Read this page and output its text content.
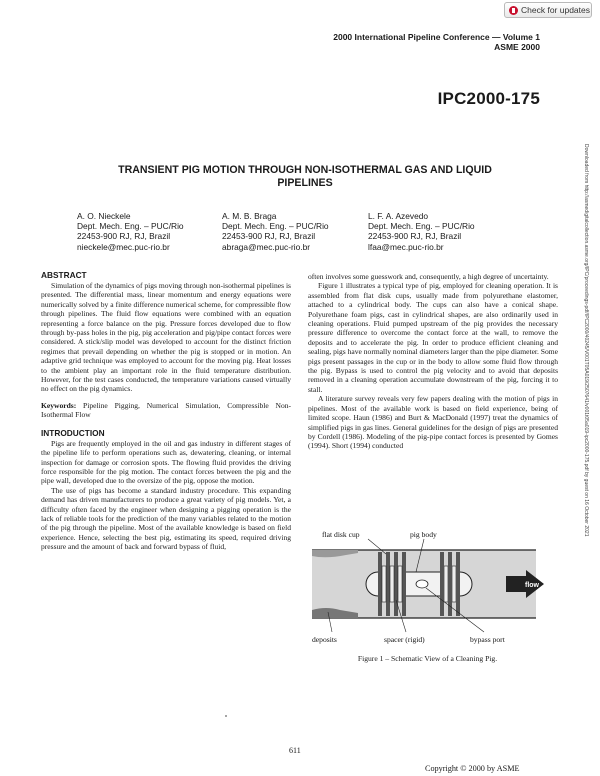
Check for updates
2000 International Pipeline Conference — Volume 1
ASME 2000
IPC2000-175
TRANSIENT PIG MOTION THROUGH NON-ISOTHERMAL GAS AND LIQUID
PIPELINES
A. O. Nieckele
Dept. Mech. Eng. – PUC/Rio
22453-900 RJ, RJ, Brazil
nieckele@mec.puc-rio.br
A. M. B. Braga
Dept. Mech. Eng. – PUC/Rio
22453-900 RJ, RJ, Brazil
abraga@mec.puc-rio.br
L. F. A. Azevedo
Dept. Mech. Eng. – PUC/Rio
22453-900 RJ, RJ, Brazil
lfaa@mec.puc-rio.br
ABSTRACT

Simulation of the dynamics of pigs moving through non-isothermal pipelines is presented. The differential mass, linear momentum and energy equations were numerically solved by a finite difference numerical scheme, for compressible flow through pipelines. The fluid flow equations were combined with an equation representing a force balance on the pig. Pressure forces developed due to flow through by-pass holes in the pig, pig acceleration and pig/pipe contact forces were considered. A stick/slip model was developed to account for the distinct friction regimes that prevail depending on whether the pig is stopped or in motion. An adaptive grid technique was employed to account for the moving pig. Heat losses to the ambient play an important role in the fluid temperature distribution. However, for the test cases conducted, the temperature variations caused virtually no effect on the pig dynamics.

Keywords: Pipeline Pigging, Numerical Simulation, Compressible Non-Isothermal Flow

INTRODUCTION

Pigs are frequently employed in the oil and gas industry in different stages of the pipeline life to perform operations such as, dewatering, cleaning, or internal inspection for damage or corrosion spots. The flowing fluid provides the driving force responsible for the pig motion. The contact forces between the pig and the pipe wall, developed due to the oversize of the pig, oppose the motion.

The use of pigs has become a standard industry procedure. This expanding demand has driven manufacturers to produce a great variety of pig models. Yet, a difficulty often faced by the engineer when designing a pigging operation is the lack of reliable tools for the prediction of the many variables related to the motion of the pig through the pipeline. Most of the available knowledge is based on field experience. Hence, selecting the best pig, estimating its speed, required driving pressure and the amount of back and forward bypass of fluid,

often involves some guesswork and, consequently, a high degree of uncertainty.

Figure 1 illustrates a typical type of pig, employed for cleaning operation. It is assembled from flat disk cups, usually made from polyurethane elastomer, attached to a cylindrical body. The cups can also have a conical shape. Polyurethane foam pigs, cast in cylindrical shapes, are also ordinarily used in cleaning operations. Fluid pumped upstream of the pig provides the necessary pressure difference to overcome the contact force at the wall, to remove the deposits and to accelerate the pig. In order to produce efficient cleaning and sealing, pigs have normally nominal diameters larger than the pipe diameter. Some pigs present passages in the cup or in the body to allow some fluid flow through the pig. Bypass is used to control the pig velocity and to avoid that deposits removed in a cleaning operation accumulate downstream of the pig, forcing it to stall.

A literature survey reveals very few papers dealing with the motion of pigs in pipelines. Most of the available work is based on field experience, being of limited scope. Haun (1986) and Burt & MacDonald (1997) treat the dynamics of simplified pigs in gas lines. General guidelines for the design of pigs are presented by Cordell (1986). Modeling of the pig-pipe contact forces is presented by Gomes (1994). Short (1994) conducted

flow
flat disk cup	pig body
deposits	spacer (rigid)	bypass port
Figure 1 – Schematic View of a Cleaning Pig.
Downloaded from http://asmedigitalcollection.asme.org/IPC/proceedings-pdf/IPC2000/40245/V001T05A019/2507641/v001t05a019-ipc2000-175.pdf by guest on 16 October 2021
611
Copyright © 2000 by ASME
